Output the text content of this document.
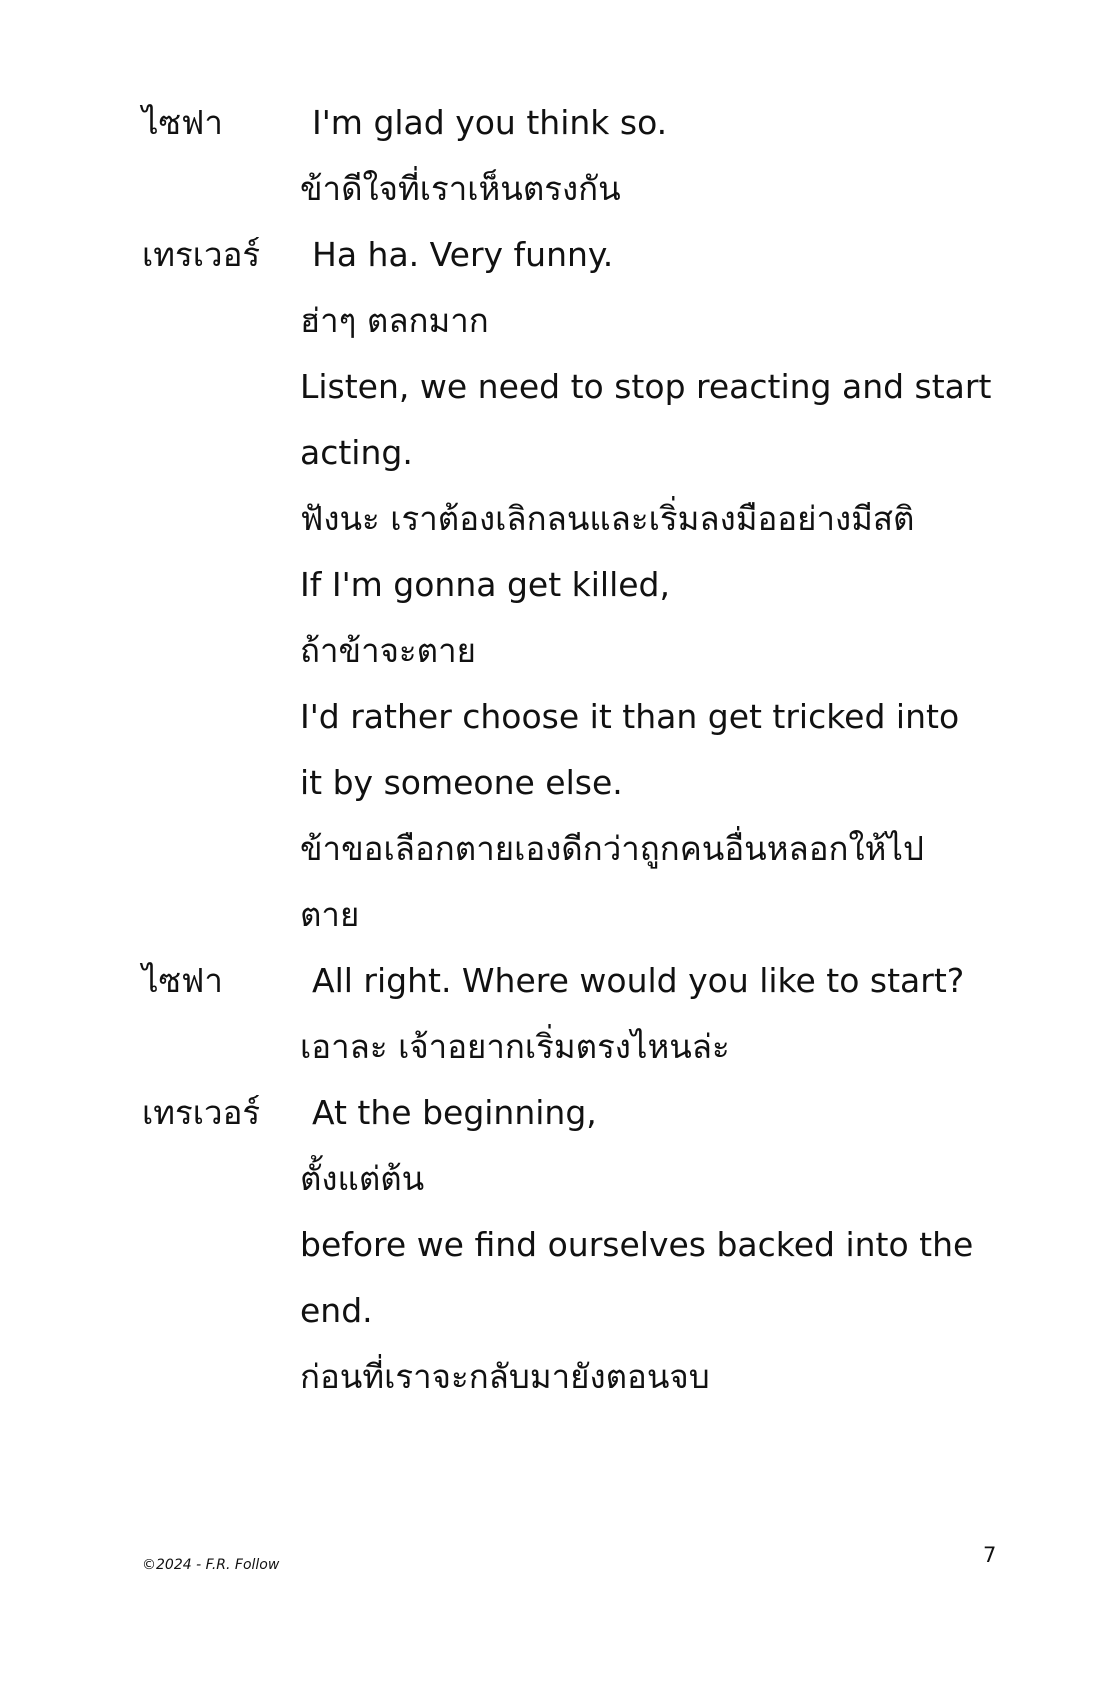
ไซฟา	I'm glad you think so.
ข้าดีใจที่เราเห็นตรงกัน
เทรเวอร์ Ha ha. Very funny.
ฮ่าๆ ตลกมาก
Listen, we need to stop reacting and start
acting.
ฟังนะ เราต้องเลิกลนและเริ่มลงมืออย่างมีสติ
If I'm gonna get killed,
ถ้าข้าจะตาย
I'd rather choose it than get tricked into
it by someone else.
ข้าขอเลือกตายเองดีกว่าถูกคนอื่นหลอกให้ไป
ตาย
ไซฟา	All right. Where would you like to start?
เอาละ เจ้าอยากเริ่มตรงไหนล่ะ
เทรเวอร์ At the beginning,
ตั้งแต่ต้น
before we find ourselves backed into the
end.
ก่อนที่เราจะกลับมายังตอนจบ
©2024 - F.R. Follow	7
